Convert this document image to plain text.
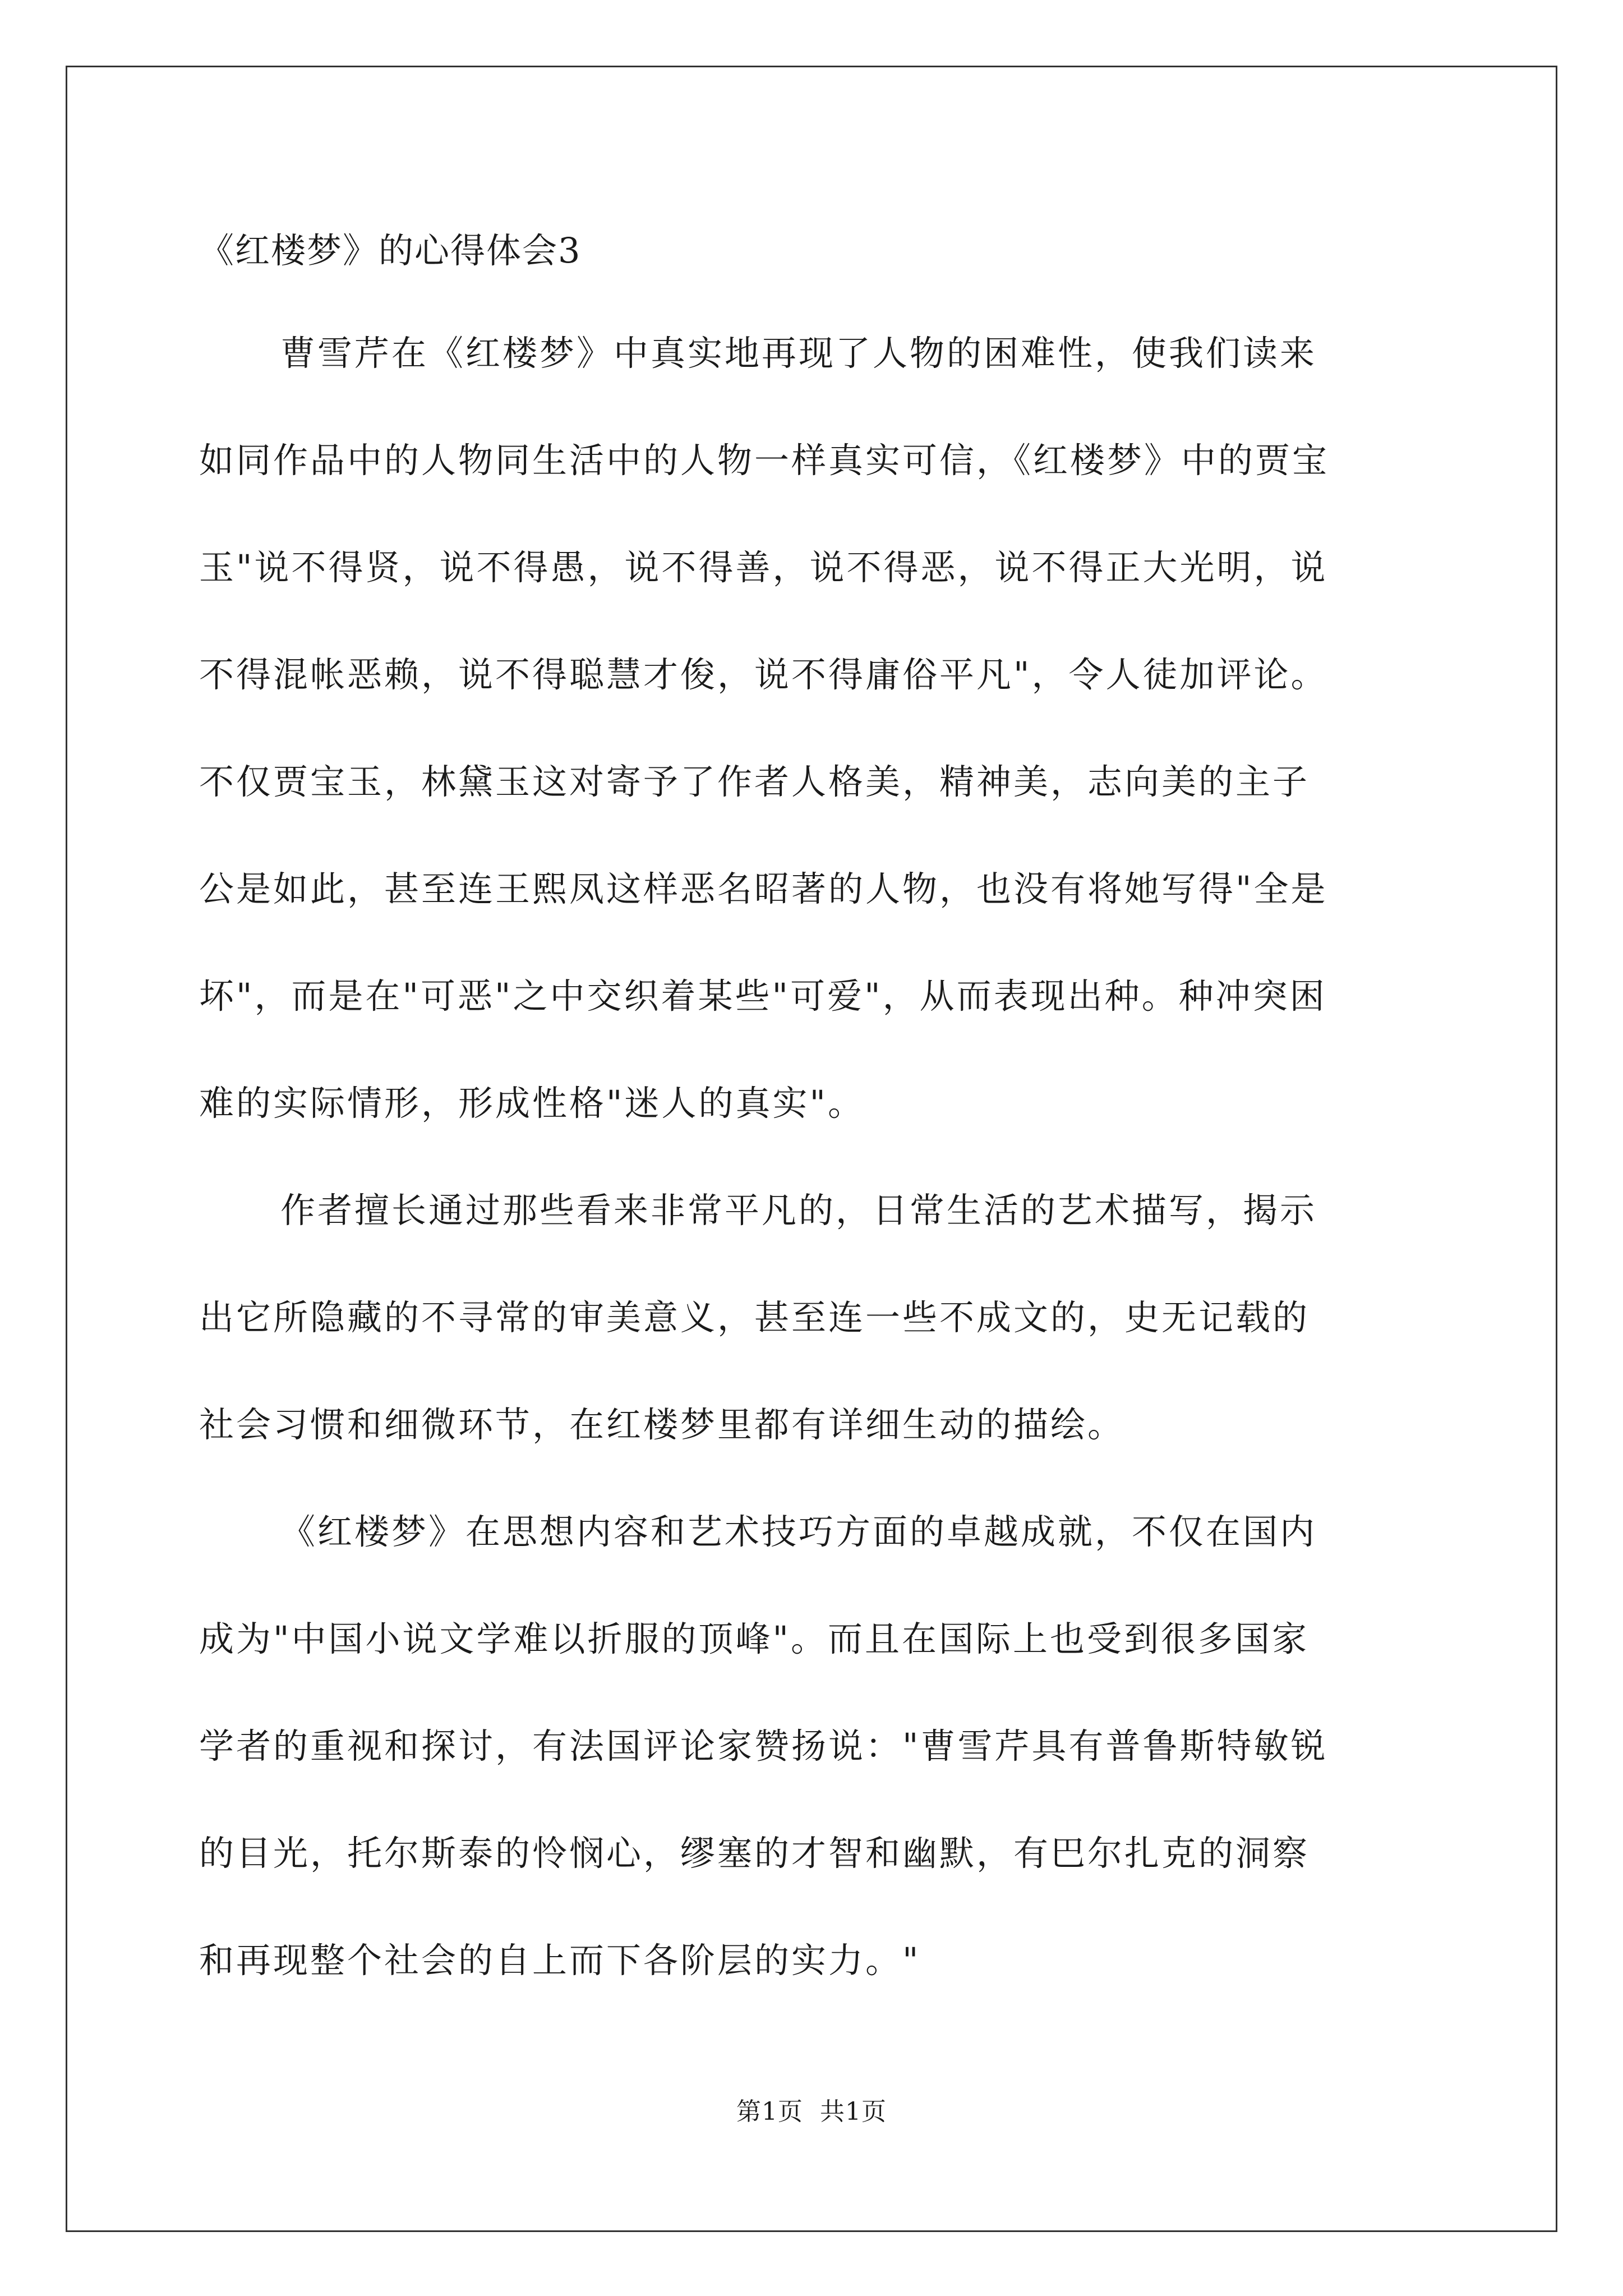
《红楼梦》的心得体会3
曹雪芹在《红楼梦》中真实地再现了人物的困难性，使我们读来
如同作品中的人物同生活中的人物一样真实可信，《红楼梦》中的贾宝
玉"说不得贤，说不得愚，说不得善，说不得恶，说不得正大光明，说
不得混帐恶赖，说不得聪慧才俊，说不得庸俗平凡"，令人徒加评论。
不仅贾宝玉，林黛玉这对寄予了作者人格美，精神美，志向美的主子
公是如此，甚至连王熙凤这样恶名昭著的人物，也没有将她写得"全是
坏"，而是在"可恶"之中交织着某些"可爱"，从而表现出种。种冲突困
难的实际情形，形成性格"迷人的真实"。
作者擅长通过那些看来非常平凡的，日常生活的艺术描写，揭示
出它所隐藏的不寻常的审美意义，甚至连一些不成文的，史无记载的
社会习惯和细微环节，在红楼梦里都有详细生动的描绘。
《红楼梦》在思想内容和艺术技巧方面的卓越成就，不仅在国内
成为"中国小说文学难以折服的顶峰"。而且在国际上也受到很多国家
学者的重视和探讨，有法国评论家赞扬说："曹雪芹具有普鲁斯特敏锐
的目光，托尔斯泰的怜悯心，缪塞的才智和幽默，有巴尔扎克的洞察
和再现整个社会的自上而下各阶层的实力。"
第1页 共1页
